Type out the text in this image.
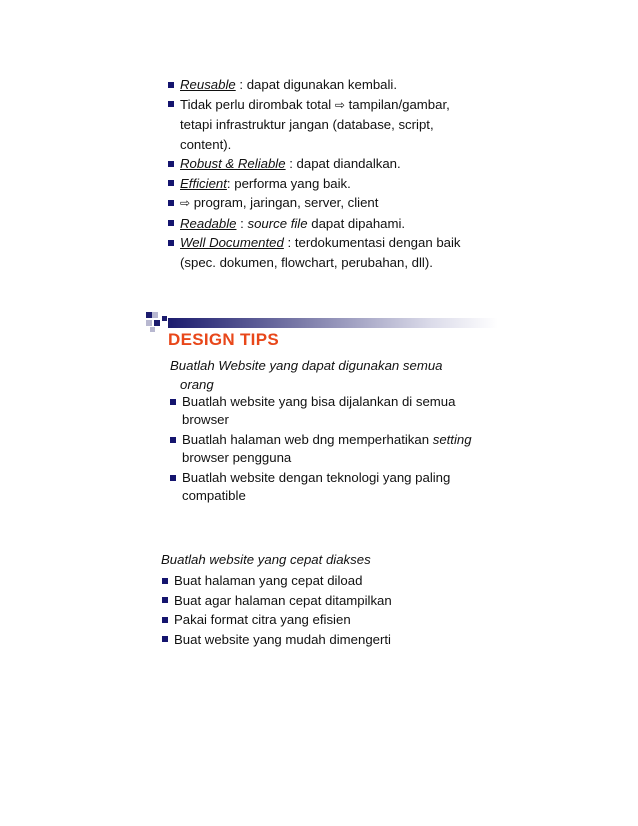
Reusable : dapat digunakan kembali.
Tidak perlu dirombak total ⇨ tampilan/gambar, tetapi infrastruktur jangan (database, script, content).
Robust & Reliable : dapat diandalkan.
Efficient: performa yang baik.
⇨ program, jaringan, server, client
Readable : source file dapat dipahami.
Well Documented : terdokumentasi dengan baik (spec. dokumen, flowchart, perubahan, dll).
DESIGN TIPS
Buatlah Website yang dapat digunakan semua
orang
Buatlah website yang bisa dijalankan di semua browser
Buatlah halaman web dng memperhatikan setting browser pengguna
Buatlah website dengan teknologi yang paling compatible
Buatlah website yang cepat diakses
Buat halaman yang cepat diload
Buat agar halaman cepat ditampilkan
Pakai format citra yang efisien
Buat website yang mudah dimengerti
